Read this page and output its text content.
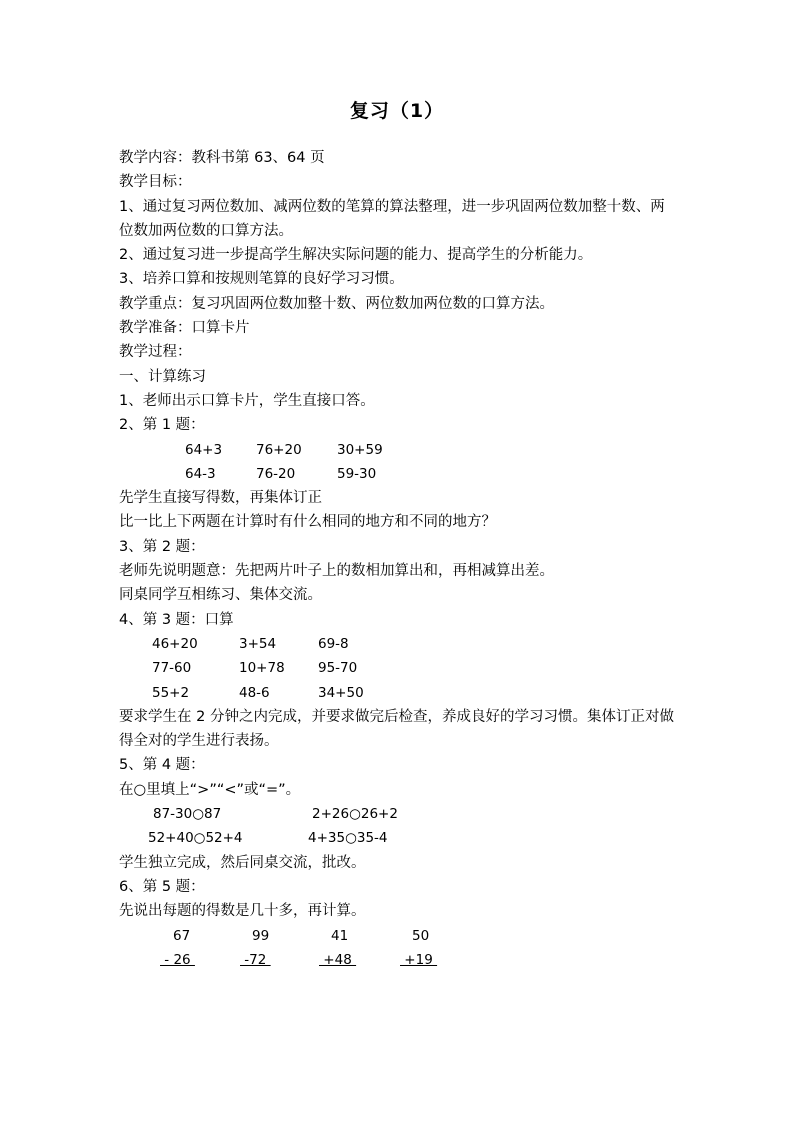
复习（1）
教学内容：教科书第 63、64 页
教学目标：
1、通过复习两位数加、减两位数的笔算的算法整理，进一步巩固两位数加整十数、两位数加两位数的口算方法。
2、通过复习进一步提高学生解决实际问题的能力、提高学生的分析能力。
3、培养口算和按规则笔算的良好学习习惯。
教学重点：复习巩固两位数加整十数、两位数加两位数的口算方法。
教学准备：口算卡片
教学过程：
一、计算练习
1、老师出示口算卡片，学生直接口答。
2、第 1 题：
64+3	76+20	30+59
64-3	76-20	59-30
先学生直接写得数，再集体订正
比一比上下两题在计算时有什么相同的地方和不同的地方？
3、第 2 题：
老师先说明题意：先把两片叶子上的数相加算出和，再相减算出差。
同桌同学互相练习、集体交流。
4、第 3 题：口算
46+20	3+54	69-8
77-60	10+78 95-70
55+2	48-6	34+50
要求学生在 2 分钟之内完成，并要求做完后检查，养成良好的学习习惯。集体订正对做得全对的学生进行表扬。
5、第 4 题：
在○里填上“>”“<”或“=”。
87-30○87	2+26○26+2
52+40○52+4	4+35○35-4
学生独立完成，然后同桌交流，批改。
6、第 5 题：
先说出每题的得数是几十多，再计算。
67	99	41	50
- 26	-72	+48	+19
